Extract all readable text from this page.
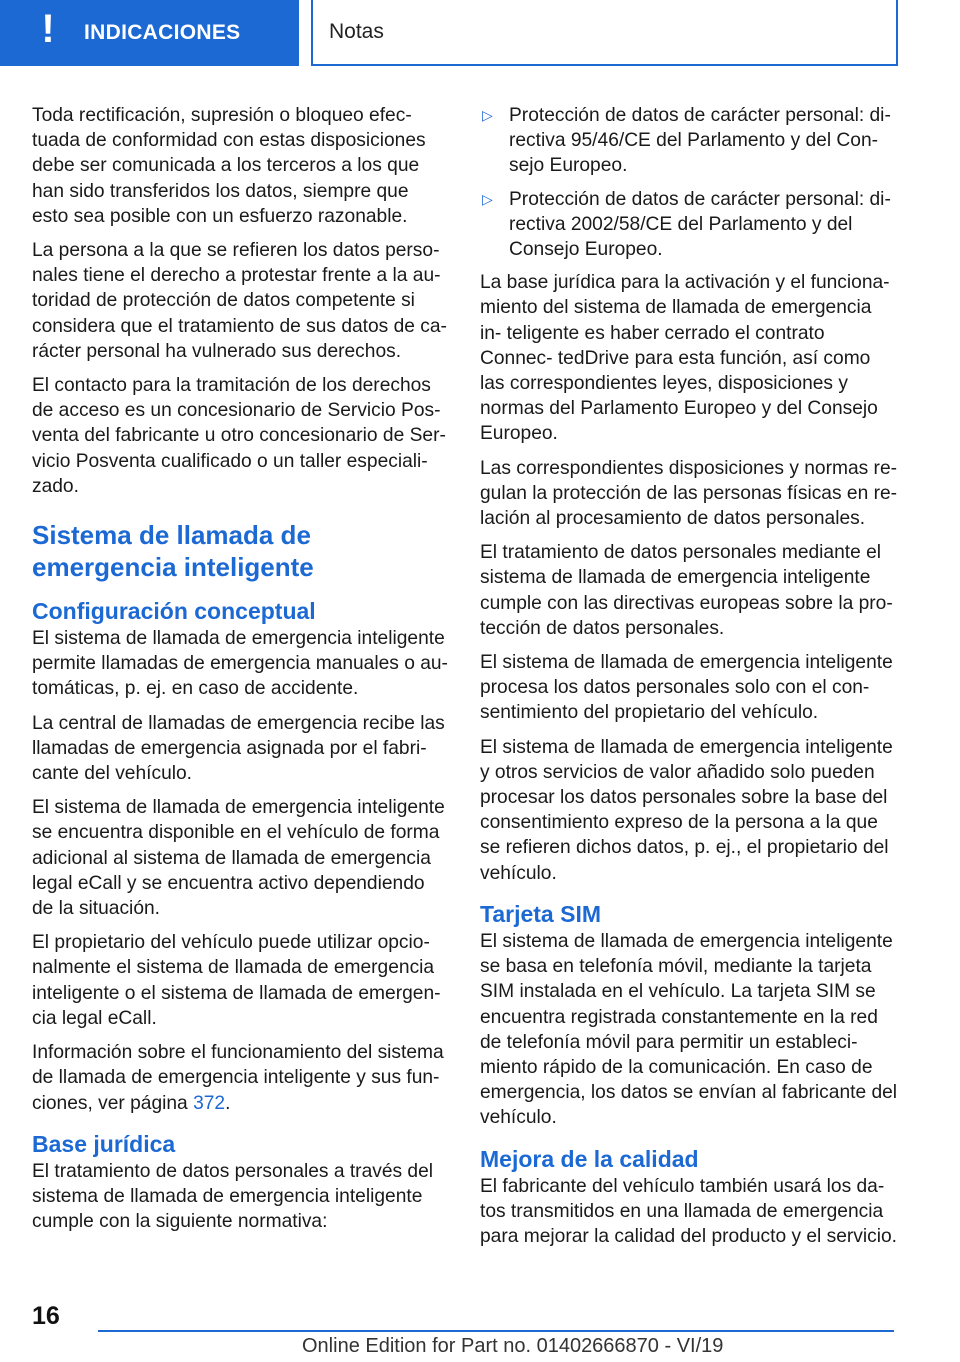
!	INDICACIONES	Notas

Toda rectificación, supresión o bloqueo efec‐ tuada de conformidad con estas disposiciones debe ser comunicada a los terceros a los que han sido transferidos los datos, siempre que esto sea posible con un esfuerzo razonable.

La persona a la que se refieren los datos perso‐ nales tiene el derecho a protestar frente a la au‐ toridad de protección de datos competente si considera que el tratamiento de sus datos de ca‐ rácter personal ha vulnerado sus derechos.

El contacto para la tramitación de los derechos de acceso es un concesionario de Servicio Pos‐ venta del fabricante u otro concesionario de Ser‐ vicio Posventa cualificado o un taller especiali‐ zado.

Sistema de llamada de emergencia inteligente
Configuración conceptual

El sistema de llamada de emergencia inteligente permite llamadas de emergencia manuales o au‐ tomáticas, p. ej. en caso de accidente.

La central de llamadas de emergencia recibe las llamadas de emergencia asignada por el fabri‐ cante del vehículo.

El sistema de llamada de emergencia inteligente se encuentra disponible en el vehículo de forma adicional al sistema de llamada de emergencia legal eCall y se encuentra activo dependiendo de la situación.

El propietario del vehículo puede utilizar opcio‐ nalmente el sistema de llamada de emergencia inteligente o el sistema de llamada de emergen‐ cia legal eCall.

Información sobre el funcionamiento del sistema de llamada de emergencia inteligente y sus fun‐ ciones, ver página 372.

Base jurídica

El tratamiento de datos personales a través del sistema de llamada de emergencia inteligente cumple con la siguiente normativa:

▷ Protección de datos de carácter personal: di‐ rectiva 95/46/CE del Parlamento y del Con‐ sejo Europeo.
▷ Protección de datos de carácter personal: di‐ rectiva 2002/58/CE del Parlamento y del Consejo Europeo.

La base jurídica para la activación y el funciona‐ miento del sistema de llamada de emergencia in‐ teligente es haber cerrado el contrato Connec‐ tedDrive para esta función, así como las correspondientes leyes, disposiciones y normas del Parlamento Europeo y del Consejo Europeo.

Las correspondientes disposiciones y normas re‐ gulan la protección de las personas físicas en re‐ lación al procesamiento de datos personales.

El tratamiento de datos personales mediante el sistema de llamada de emergencia inteligente cumple con las directivas europeas sobre la pro‐ tección de datos personales.

El sistema de llamada de emergencia inteligente procesa los datos personales solo con el con‐ sentimiento del propietario del vehículo.

El sistema de llamada de emergencia inteligente y otros servicios de valor añadido solo pueden procesar los datos personales sobre la base del consentimiento expreso de la persona a la que se refieren dichos datos, p. ej., el propietario del vehículo.

Tarjeta SIM

El sistema de llamada de emergencia inteligente se basa en telefonía móvil, mediante la tarjeta SIM instalada en el vehículo. La tarjeta SIM se encuentra registrada constantemente en la red de telefonía móvil para permitir un estableci‐ miento rápido de la comunicación. En caso de emergencia, los datos se envían al fabricante del vehículo.

Mejora de la calidad

El fabricante del vehículo también usará los da‐ tos transmitidos en una llamada de emergencia para mejorar la calidad del producto y el servicio.

16
Online Edition for Part no. 01402666870 - VI/19
